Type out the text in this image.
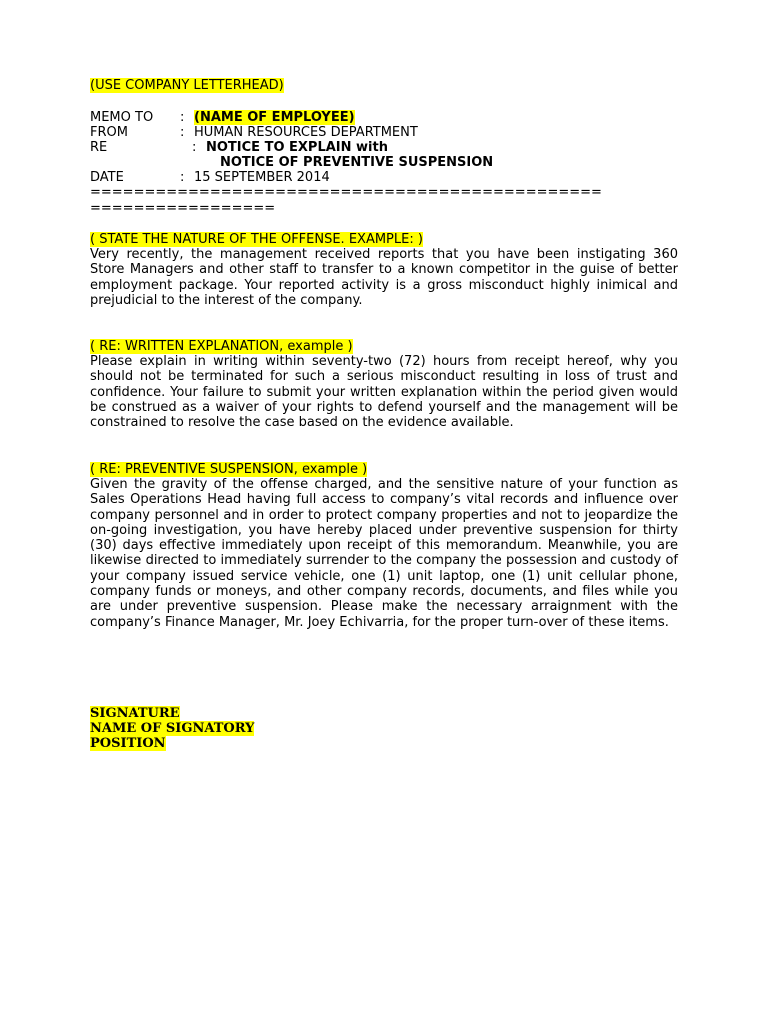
(USE COMPANY LETTERHEAD)
MEMO TO : (NAME OF EMPLOYEE)
FROM	: HUMAN RESOURCES DEPARTMENT
RE	: NOTICE TO EXPLAIN with
NOTICE OF PREVENTIVE SUSPENSION
DATE	: 15 SEPTEMBER 2014
===============================================
=================
( STATE THE NATURE OF THE OFFENSE. EXAMPLE: )

Very recently, the management received reports that you have been instigating 360 Store Managers and other staff to transfer to a known competitor in the guise of better employment package. Your reported activity is a gross misconduct highly inimical and prejudicial to the interest of the company.

( RE: WRITTEN EXPLANATION, example )

Please explain in writing within seventy-two (72) hours from receipt hereof, why you should not be terminated for such a serious misconduct resulting in loss of trust and confidence. Your failure to submit your written explanation within the period given would be construed as a waiver of your rights to defend yourself and the management will be constrained to resolve the case based on the evidence available.

( RE: PREVENTIVE SUSPENSION, example )

Given the gravity of the offense charged, and the sensitive nature of your function as Sales Operations Head having full access to company’s vital records and influence over company personnel and in order to protect company properties and not to jeopardize the on-going investigation, you have hereby placed under preventive suspension for thirty (30) days effective immediately upon receipt of this memorandum. Meanwhile, you are likewise directed to immediately surrender to the company the possession and custody of your company issued service vehicle, one (1) unit laptop, one (1) unit cellular phone, company funds or moneys, and other company records, documents, and files while you are under preventive suspension. Please make the necessary arraignment with the company’s Finance Manager, Mr. Joey Echivarria, for the proper turn-over of these items.

SIGNATURE
NAME OF SIGNATORY
POSITION
